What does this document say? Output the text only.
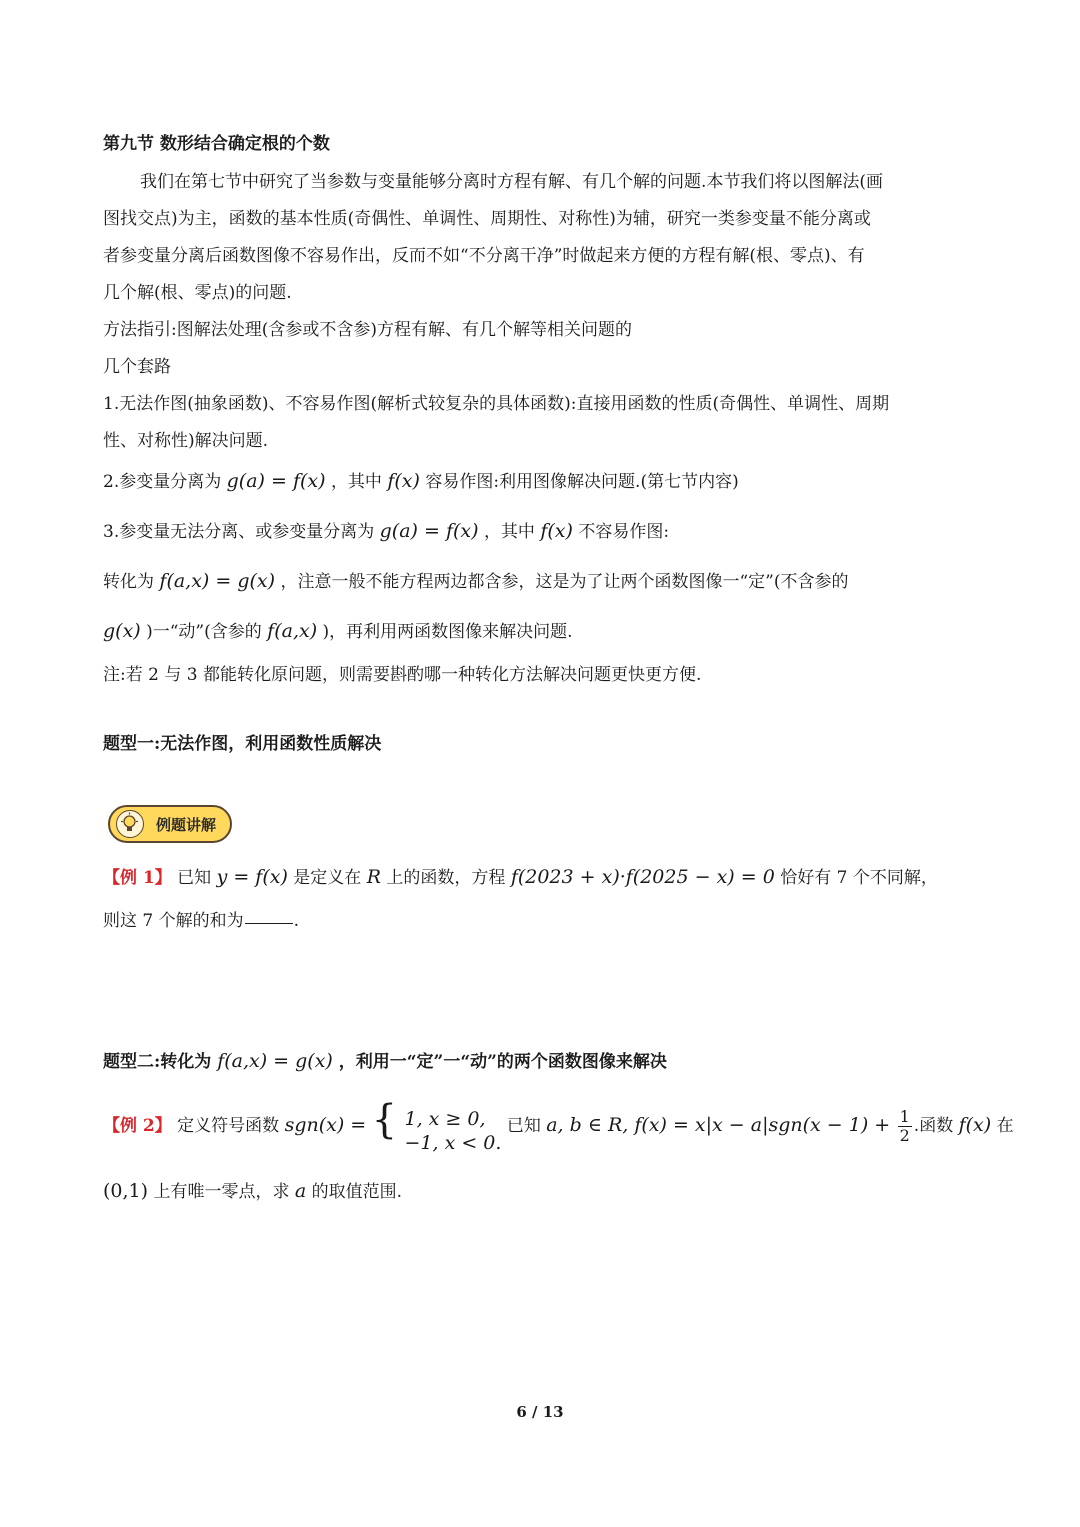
第九节 数形结合确定根的个数
我们在第七节中研究了当参数与变量能够分离时方程有解、有几个解的问题.本节我们将以图解法(画
图找交点)为主，函数的基本性质(奇偶性、单调性、周期性、对称性)为辅，研究一类参变量不能分离或
者参变量分离后函数图像不容易作出，反而不如“不分离干净”时做起来方便的方程有解(根、零点)、有
几个解(根、零点)的问题.
方法指引:图解法处理(含参或不含参)方程有解、有几个解等相关问题的
几个套路
1.无法作图(抽象函数)、不容易作图(解析式较复杂的具体函数):直接用函数的性质(奇偶性、单调性、周期
性、对称性)解决问题.
2.参变量分离为 g(a) = f(x) ，其中 f(x) 容易作图:利用图像解决问题.(第七节内容)
3.参变量无法分离、或参变量分离为 g(a) = f(x) ，其中 f(x) 不容易作图:
转化为 f(a,x) = g(x) ，注意一般不能方程两边都含参，这是为了让两个函数图像一“定”(不含参的
g(x) )一“动”(含参的 f(a,x) )，再利用两函数图像来解决问题.
注:若 2 与 3 都能转化原问题，则需要斟酌哪一种转化方法解决问题更快更方便.
题型一:无法作图，利用函数性质解决
例题讲解
【例 1】 已知 y = f(x) 是定义在 R 上的函数，方程 f(2023 + x)·f(2025 − x) = 0 恰好有 7 个不同解，
则这 7 个解的和为	.
题型二:转化为 f(a,x) = g(x) ，利用一“定”一“动”的两个函数图像来解决
【例 2】 定义符号函数 sgn(x) = { 1, x ≥ 0,
−1, x < 0.
已知 a, b ∈ R, $f(x) = x|x - a|sgn(x - 1) + \frac{1}{2}$ .函数 f(x) 在
(0,1) 上有唯一零点，求 a 的取值范围.
6 / 13
